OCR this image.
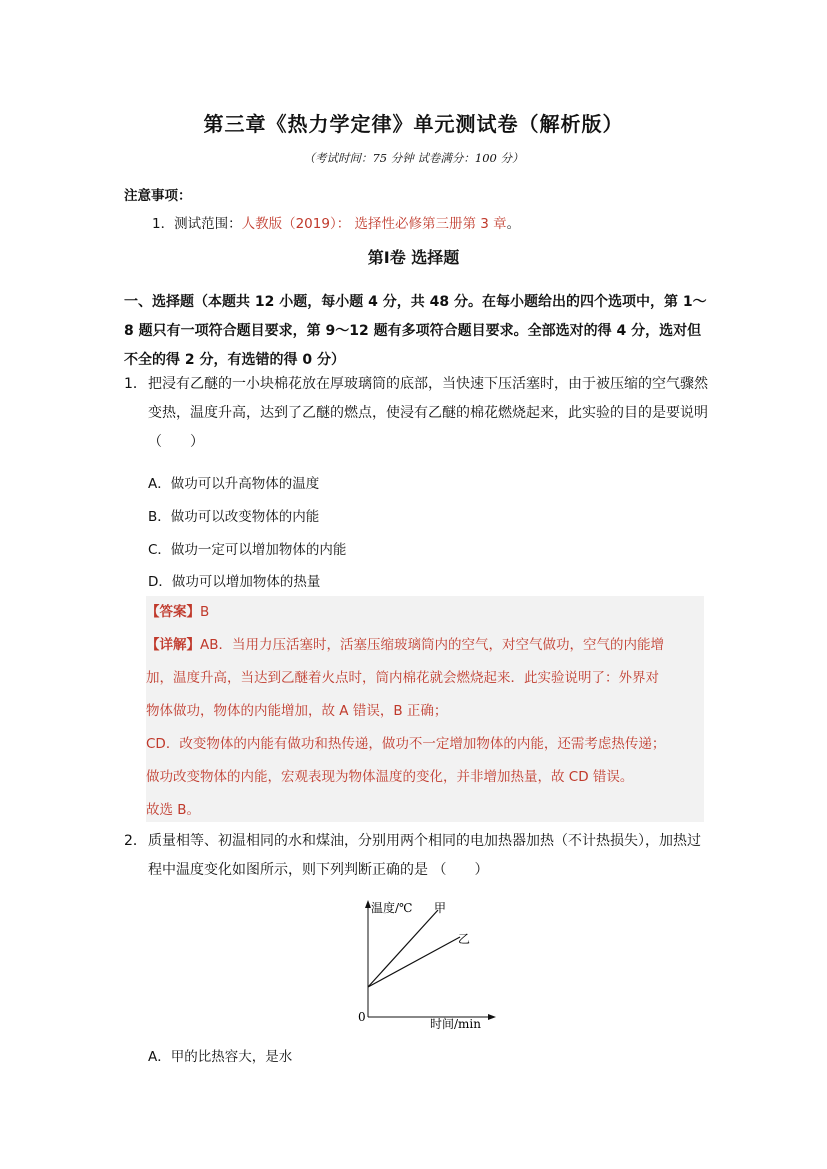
第三章《热力学定律》单元测试卷（解析版）
（考试时间：75 分钟 试卷满分：100 分）
注意事项：
1．测试范围：人教版（2019）： 选择性必修第三册第 3 章。
第Ⅰ卷 选择题
一、选择题（本题共 12 小题，每小题 4 分，共 48 分。在每小题给出的四个选项中，第 1～8 题只有一项符合题目要求，第 9～12 题有多项符合题目要求。全部选对的得 4 分，选对但不全的得 2 分，有选错的得 0 分）
1． 把浸有乙醚的一小块棉花放在厚玻璃筒的底部，当快速下压活塞时，由于被压缩的空气骤然变热，温度升高，达到了乙醚的燃点，使浸有乙醚的棉花燃烧起来，此实验的目的是要说明（　　）
A．做功可以升高物体的温度
B．做功可以改变物体的内能
C．做功一定可以增加物体的内能
D．做功可以增加物体的热量
【答案】B
【详解】AB．当用力压活塞时，活塞压缩玻璃筒内的空气，对空气做功，空气的内能增
加，温度升高，当达到乙醚着火点时，筒内棉花就会燃烧起来．此实验说明了：外界对
物体做功，物体的内能增加，故 A 错误，B 正确；
CD．改变物体的内能有做功和热传递，做功不一定增加物体的内能，还需考虑热传递；
做功改变物体的内能，宏观表现为物体温度的变化，并非增加热量，故 CD 错误。
故选 B。
2． 质量相等、初温相同的水和煤油，分别用两个相同的电加热器加热（不计热损失），加热过程中温度变化如图所示，则下列判断正确的是 （　　）
温度/℃ 甲
乙
0	时间/min
A．甲的比热容大，是水
